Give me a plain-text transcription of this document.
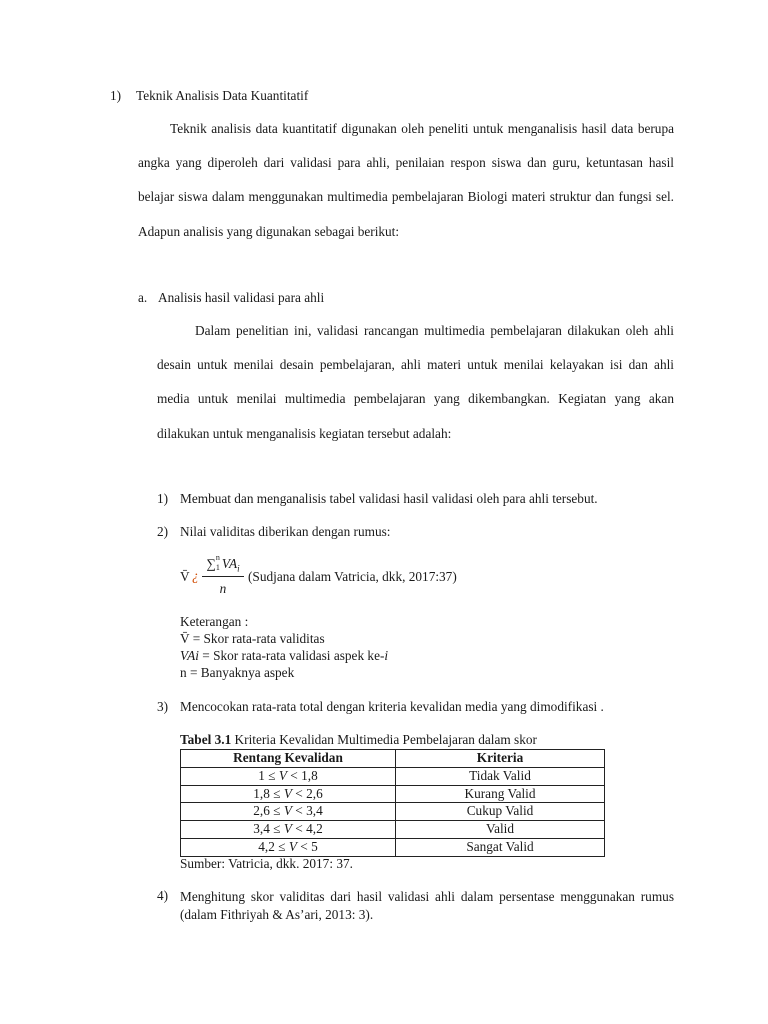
1) Teknik Analisis Data Kuantitatif

Teknik analisis data kuantitatif digunakan oleh peneliti untuk menganalisis hasil data berupa angka yang diperoleh dari validasi para ahli, penilaian respon siswa dan guru, ketuntasan hasil belajar siswa dalam menggunakan multimedia pembelajaran Biologi materi struktur dan fungsi sel. Adapun analisis yang digunakan sebagai berikut:

a. Analisis hasil validasi para ahli

Dalam penelitian ini, validasi rancangan multimedia pembelajaran dilakukan oleh ahli desain untuk menilai desain pembelajaran, ahli materi untuk menilai kelayakan isi dan ahli media untuk menilai multimedia pembelajaran yang dikembangkan. Kegiatan yang akan dilakukan untuk menganalisis kegiatan tersebut adalah:

1) Membuat dan menganalisis tabel validasi hasil validasi oleh para ahli tersebut.
2) Nilai validitas diberikan dengan rumus:
V̄ ¿
∑ n
1 $VA_i$
n
(Sudjana dalam Vatricia, dkk, 2017:37)
Keterangan :
V̄ = Skor rata-rata validitas
VAi = Skor rata-rata validasi aspek ke-i
n = Banyaknya aspek
3) Mencocokan rata-rata total dengan kriteria kevalidan media yang dimodifikasi .
Tabel 3.1 Kriteria Kevalidan Multimedia Pembelajaran dalam skor
Rentang Kevalidan	Kriteria
1 ≤ V < 1,8	Tidak Valid
1,8 ≤ V < 2,6	Kurang Valid
2,6 ≤ V < 3,4	Cukup Valid
3,4 ≤ V < 4,2	Valid
4,2 ≤ V < 5	Sangat Valid
Sumber: Vatricia, dkk. 2017: 37.
4) Menghitung skor validitas dari hasil validasi ahli dalam persentase menggunakan rumus (dalam Fithriyah & As’ari, 2013: 3).
